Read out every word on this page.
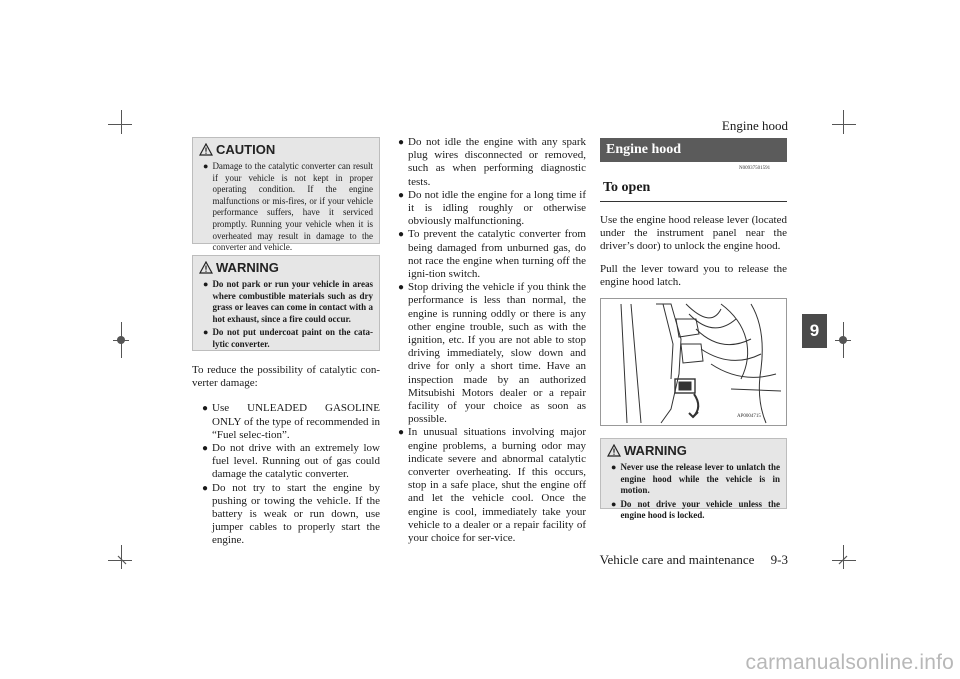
Engine hood
Vehicle care and maintenance 9-3
9
CAUTION
● Damage to the catalytic converter can result if your vehicle is not kept in proper operating condition. If the engine malfunctions or mis-fires, or if your vehicle performance suffers, have it serviced promptly. Running your vehicle when it is overheated may result in damage to the converter and vehicle.
WARNING
● Do not park or run your vehicle in areas where combustible materials such as dry grass or leaves can come in contact with a hot exhaust, since a fire could occur.
● Do not put undercoat paint on the cata-lytic converter.
To reduce the possibility of catalytic con-verter damage:
● Use UNLEADED GASOLINE ONLY of the type of recommended in “Fuel selec-tion”.
● Do not drive with an extremely low fuel level. Running out of gas could damage the catalytic converter.
● Do not try to start the engine by pushing or towing the vehicle. If the battery is weak or run down, use jumper cables to properly start the engine.
● Do not idle the engine with any spark plug wires disconnected or removed, such as when performing diagnostic tests.
● Do not idle the engine for a long time if it is idling roughly or otherwise obviously malfunctioning.
● To prevent the catalytic converter from being damaged from unburned gas, do not race the engine when turning off the igni-tion switch.
● Stop driving the vehicle if you think the performance is less than normal, the engine is running oddly or there is any other engine trouble, such as with the ignition, etc. If you are not able to stop driving immediately, slow down and drive for only a short time. Have an inspection made by an authorized Mitsubishi Motors dealer or a repair facility of your choice as soon as possible.
● In unusual situations involving major engine problems, a burning odor may indicate severe and abnormal catalytic converter overheating. If this occurs, stop in a safe place, shut the engine off and let the vehicle cool. Once the engine is cool, immediately take your vehicle to a dealer or a repair facility of your choice for ser-vice.
Engine hood
N00937501591
To open
Use the engine hood release lever (located under the instrument panel near the driver’s door) to unlock the engine hood.
Pull the lever toward you to release the engine hood latch.
AP0004715
WARNING
● Never use the release lever to unlatch the engine hood while the vehicle is in motion.
● Do not drive your vehicle unless the engine hood is locked.
carmanualsonline.info
